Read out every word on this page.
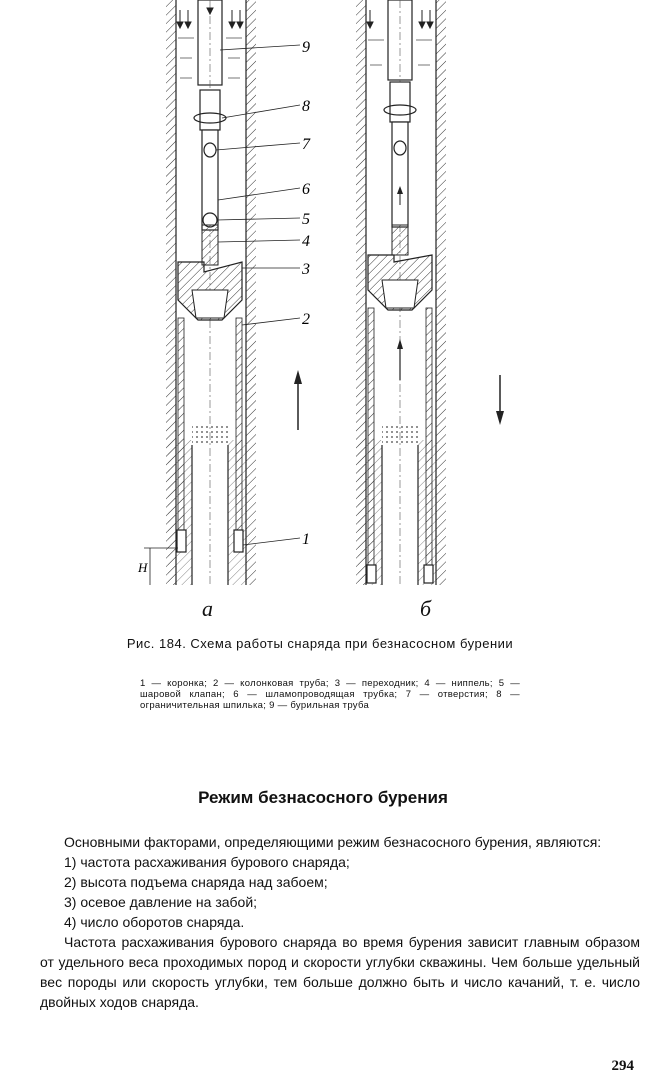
9
8
7
6
5
4
3
2
1
H
а	б
Рис. 184. Схема работы снаряда при безнасосном бурении

1 — коронка; 2 — колонковая труба; 3 — переходник; 4 — ниппель; 5 — шаровой клапан; 6 — шламопроводящая трубка; 7 — отверстия; 8 — ограничительная шпилька; 9 — бурильная труба

Режим безнасосного бурения

Основными факторами, определяющими режим безнасосного бурения, являются:

1) частота расхаживания бурового снаряда;

2) высота подъема снаряда над забоем;

3) осевое давление на забой;

4) число оборотов снаряда.

Частота расхаживания бурового снаряда во время бурения зависит главным образом от удельного веса проходимых пород и скорости углубки скважины. Чем больше удельный вес породы или скорость углубки, тем больше должно быть и число качаний, т. е. число двойных ходов снаряда.

294
